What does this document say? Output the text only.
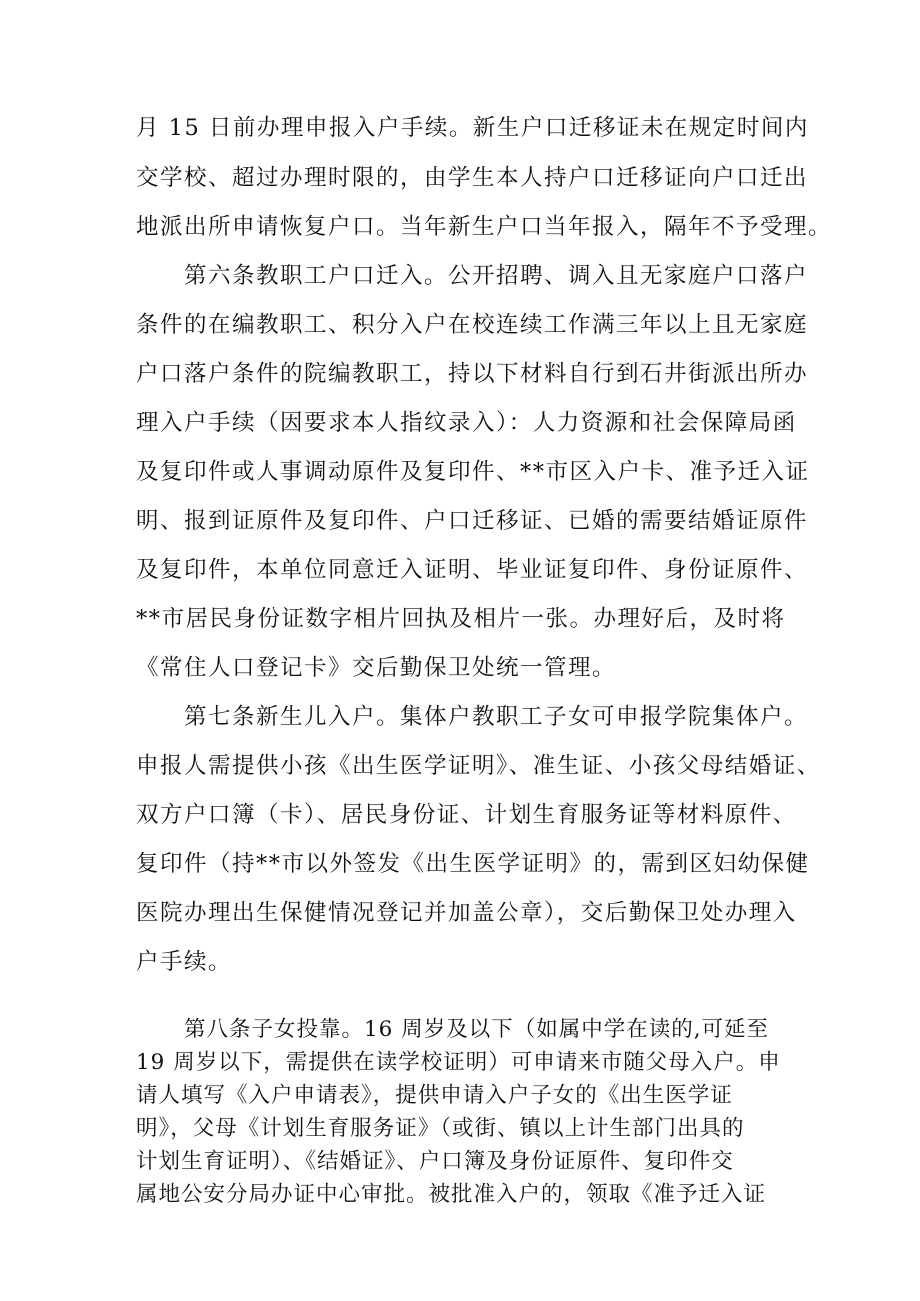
月 15 日前办理申报入户手续。新生户口迁移证未在规定时间内
交学校、超过办理时限的，由学生本人持户口迁移证向户口迁出
地派出所申请恢复户口。当年新生户口当年报入，隔年不予受理。
第六条教职工户口迁入。公开招聘、调入且无家庭户口落户
条件的在编教职工、积分入户在校连续工作满三年以上且无家庭
户口落户条件的院编教职工，持以下材料自行到石井街派出所办
理入户手续（因要求本人指纹录入）：人力资源和社会保障局函
及复印件或人事调动原件及复印件、**市区入户卡、准予迁入证
明、报到证原件及复印件、户口迁移证、已婚的需要结婚证原件
及复印件，本单位同意迁入证明、毕业证复印件、身份证原件、
**市居民身份证数字相片回执及相片一张。办理好后，及时将
《常住人口登记卡》交后勤保卫处统一管理。
第七条新生儿入户。集体户教职工子女可申报学院集体户。
申报人需提供小孩《出生医学证明》、准生证、小孩父母结婚证、
双方户口簿（卡）、居民身份证、计划生育服务证等材料原件、
复印件（持**市以外签发《出生医学证明》的，需到区妇幼保健
医院办理出生保健情况登记并加盖公章），交后勤保卫处办理入
户手续。
第八条子女投靠。16 周岁及以下（如属中学在读的,可延至
19 周岁以下，需提供在读学校证明）可申请来市随父母入户。申
请人填写《入户申请表》，提供申请入户子女的《出生医学证
明》，父母《计划生育服务证》（或街、镇以上计生部门出具的
计划生育证明）、《结婚证》、户口簿及身份证原件、复印件交
属地公安分局办证中心审批。被批准入户的，领取《准予迁入证
